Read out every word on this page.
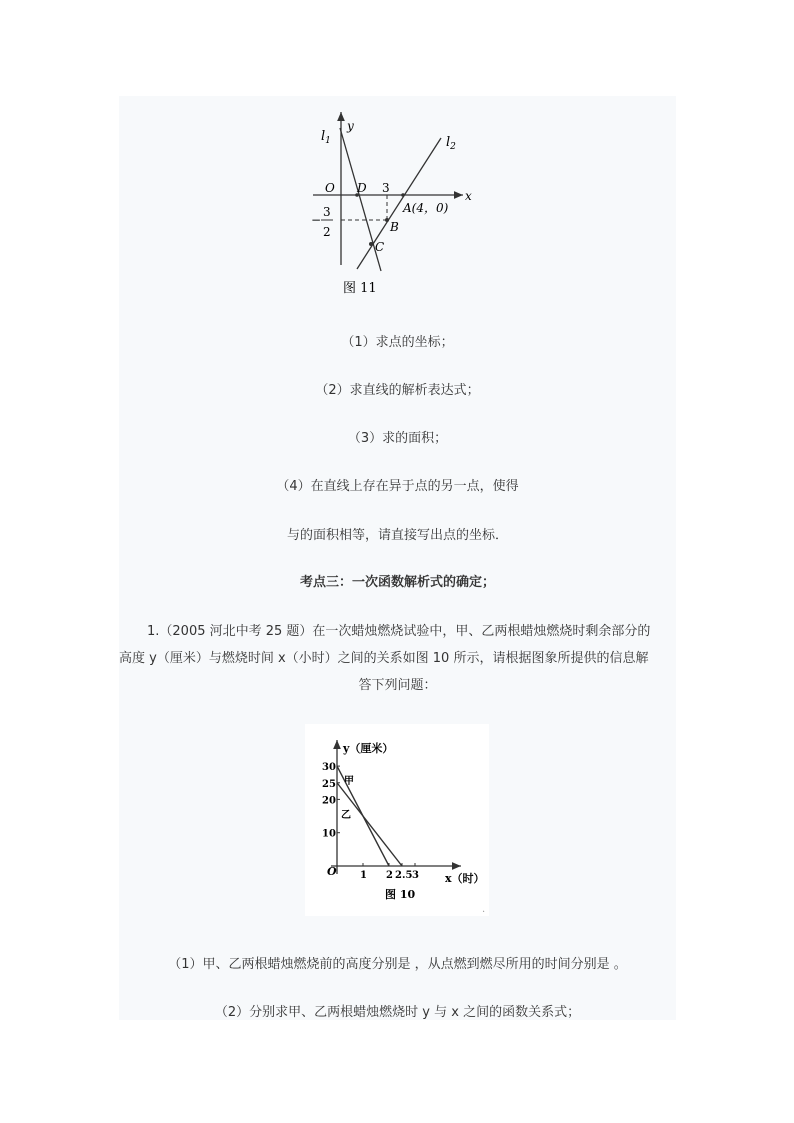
y
x
$l_1$	$l_2$
O D 3
A(4，0)
B
C
−
3
2
图 11
（1）求点的坐标；
（2）求直线的解析表达式；
（3）求的面积；
（4）在直线上存在异于点的另一点，使得
与的面积相等，请直接写出点的坐标．
考点三：一次函数解析式的确定；

1.（2005 河北中考 25 题）在一次蜡烛燃烧试验中，甲、乙两根蜡烛燃烧时剩余部分的

高度 y（厘米）与燃烧时间 x（小时）之间的关系如图 10 所示，请根据图象所提供的信息解

答下列问题：

30
25
20
10
1 2 2.5 3
y（厘米）
x（时）
O
甲
乙
图 10
.
（1）甲、乙两根蜡烛燃烧前的高度分别是 ，从点燃到燃尽所用的时间分别是 。
（2）分别求甲、乙两根蜡烛燃烧时 y 与 x 之间的函数关系式；
